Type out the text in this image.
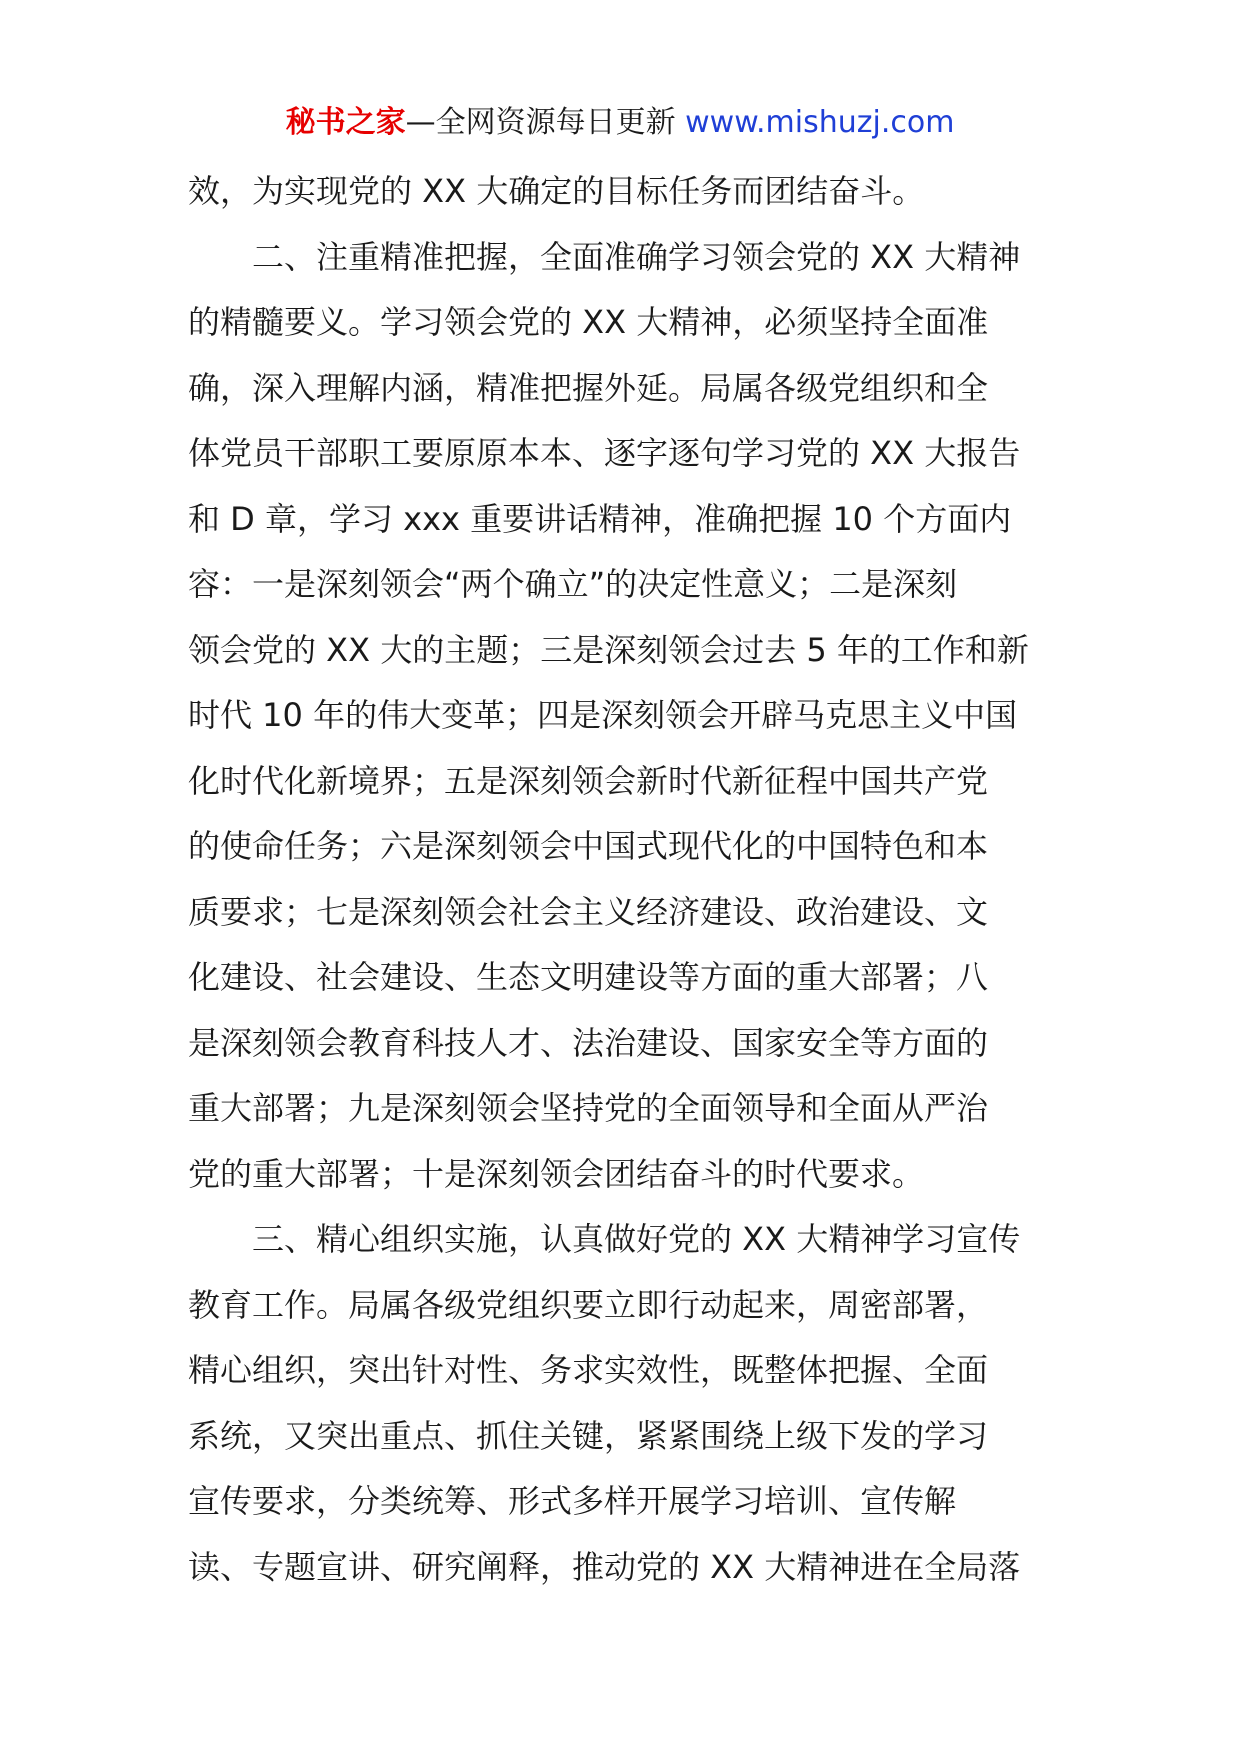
秘书之家—全网资源每日更新 www.mishuzj.com
效，为实现党的 XX 大确定的目标任务而团结奋斗。
二、注重精准把握，全面准确学习领会党的 XX 大精神
的精髓要义。学习领会党的 XX 大精神，必须坚持全面准
确，深入理解内涵，精准把握外延。局属各级党组织和全
体党员干部职工要原原本本、逐字逐句学习党的 XX 大报告
和 D 章，学习 xxx 重要讲话精神，准确把握 10 个方面内
容：一是深刻领会“两个确立”的决定性意义；二是深刻
领会党的 XX 大的主题；三是深刻领会过去 5 年的工作和新
时代 10 年的伟大变革；四是深刻领会开辟马克思主义中国
化时代化新境界；五是深刻领会新时代新征程中国共产党
的使命任务；六是深刻领会中国式现代化的中国特色和本
质要求；七是深刻领会社会主义经济建设、政治建设、文
化建设、社会建设、生态文明建设等方面的重大部署；八
是深刻领会教育科技人才、法治建设、国家安全等方面的
重大部署；九是深刻领会坚持党的全面领导和全面从严治
党的重大部署；十是深刻领会团结奋斗的时代要求。
三、精心组织实施，认真做好党的 XX 大精神学习宣传
教育工作。局属各级党组织要立即行动起来，周密部署，
精心组织，突出针对性、务求实效性，既整体把握、全面
系统，又突出重点、抓住关键，紧紧围绕上级下发的学习
宣传要求，分类统筹、形式多样开展学习培训、宣传解
读、专题宣讲、研究阐释，推动党的 XX 大精神进在全局落
